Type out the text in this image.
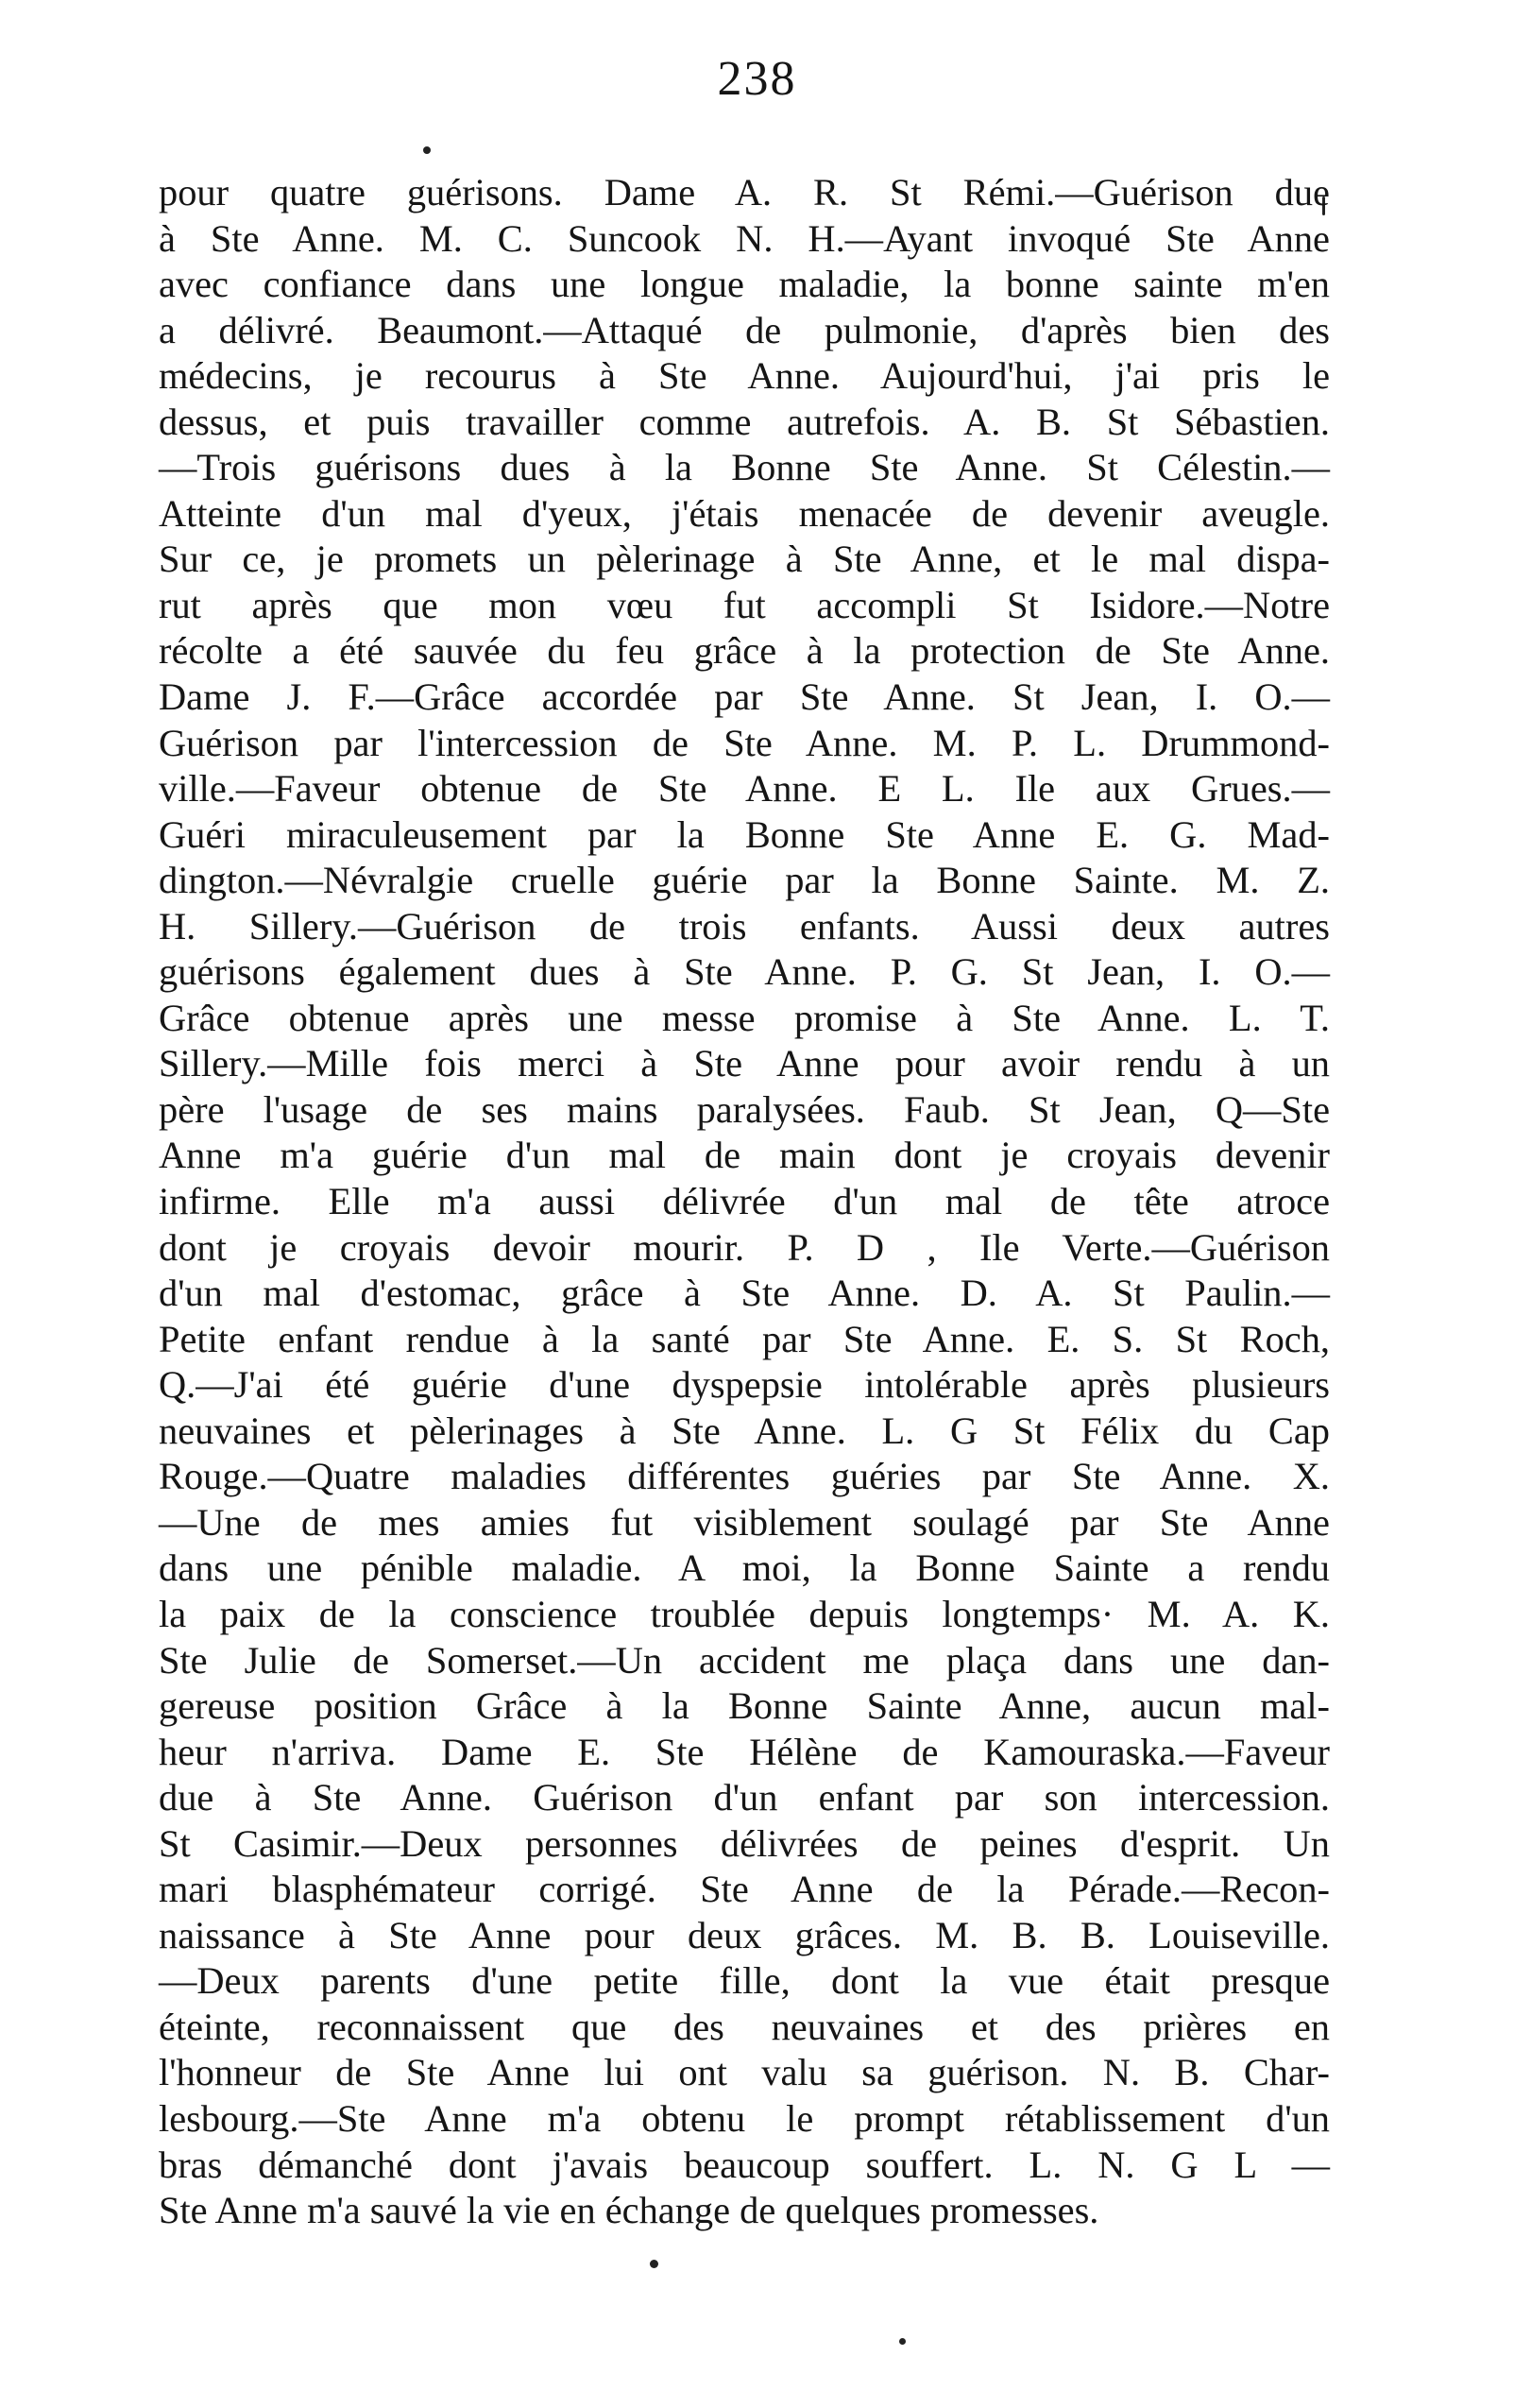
238
pour quatre guérisons. Dame A. R. St Rémi.—Guérison due
à Ste Anne. M. C. Suncook N. H.—Ayant invoqué Ste Anne
avec confiance dans une longue maladie, la bonne sainte m'en
a délivré. Beaumont.—Attaqué de pulmonie, d'après bien des
médecins, je recourus à Ste Anne. Aujourd'hui, j'ai pris le
dessus, et puis travailler comme autrefois. A. B. St Sébastien.
—Trois guérisons dues à la Bonne Ste Anne. St Célestin.—
Atteinte d'un mal d'yeux, j'étais menacée de devenir aveugle.
Sur ce, je promets un pèlerinage à Ste Anne, et le mal dispa-
rut après que mon vœu fut accompli St Isidore.—Notre
récolte a été sauvée du feu grâce à la protection de Ste Anne.
Dame J. F.—Grâce accordée par Ste Anne. St Jean, I. O.—
Guérison par l'intercession de Ste Anne. M. P. L. Drummond-
ville.—Faveur obtenue de Ste Anne. E L. Ile aux Grues.—
Guéri miraculeusement par la Bonne Ste Anne E. G. Mad-
dington.—Névralgie cruelle guérie par la Bonne Sainte. M. Z.
H. Sillery.—Guérison de trois enfants. Aussi deux autres
guérisons également dues à Ste Anne. P. G. St Jean, I. O.—
Grâce obtenue après une messe promise à Ste Anne. L. T.
Sillery.—Mille fois merci à Ste Anne pour avoir rendu à un
père l'usage de ses mains paralysées. Faub. St Jean, Q—Ste
Anne m'a guérie d'un mal de main dont je croyais devenir
infirme. Elle m'a aussi délivrée d'un mal de tête atroce
dont je croyais devoir mourir. P. D , Ile Verte.—Guérison
d'un mal d'estomac, grâce à Ste Anne. D. A. St Paulin.—
Petite enfant rendue à la santé par Ste Anne. E. S. St Roch,
Q.—J'ai été guérie d'une dyspepsie intolérable après plusieurs
neuvaines et pèlerinages à Ste Anne. L. G St Félix du Cap
Rouge.—Quatre maladies différentes guéries par Ste Anne. X.
—Une de mes amies fut visiblement soulagé par Ste Anne
dans une pénible maladie. A moi, la Bonne Sainte a rendu
la paix de la conscience troublée depuis longtemps· M. A. K.
Ste Julie de Somerset.—Un accident me plaça dans une dan-
gereuse position Grâce à la Bonne Sainte Anne, aucun mal-
heur n'arriva. Dame E. Ste Hélène de Kamouraska.—Faveur
due à Ste Anne. Guérison d'un enfant par son intercession.
St Casimir.—Deux personnes délivrées de peines d'esprit. Un
mari blasphémateur corrigé. Ste Anne de la Pérade.—Recon-
naissance à Ste Anne pour deux grâces. M. B. B. Louiseville.
—Deux parents d'une petite fille, dont la vue était presque
éteinte, reconnaissent que des neuvaines et des prières en
l'honneur de Ste Anne lui ont valu sa guérison. N. B. Char-
lesbourg.—Ste Anne m'a obtenu le prompt rétablissement d'un
bras démanché dont j'avais beaucoup souffert. L. N. G L —
Ste Anne m'a sauvé la vie en échange de quelques promesses.
